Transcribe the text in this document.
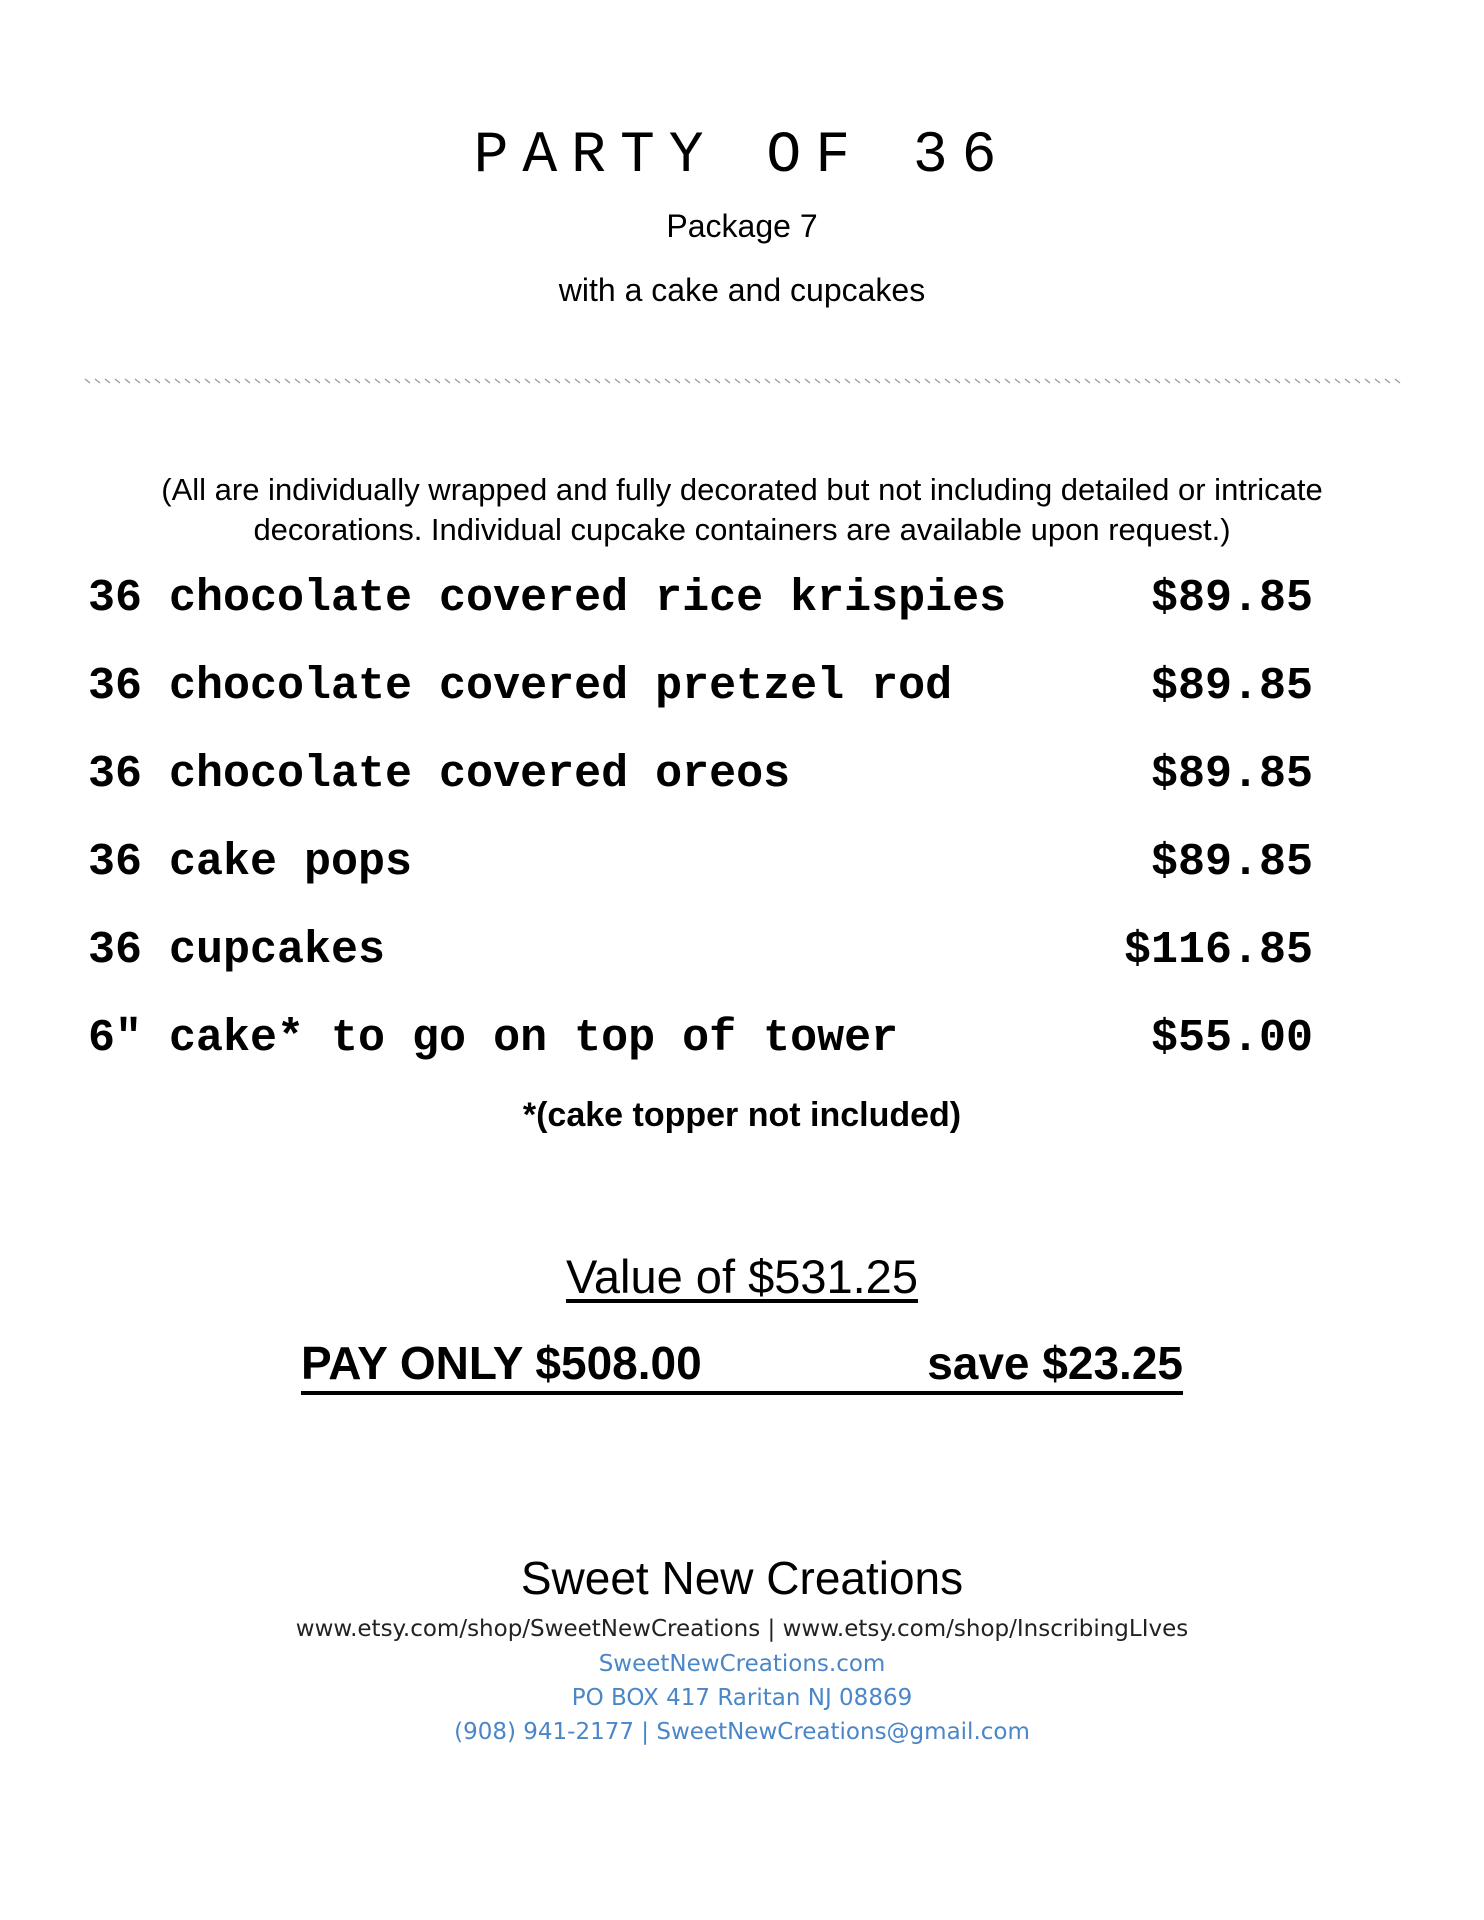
PARTY OF 36
Package 7
with a cake and cupcakes
(All are individually wrapped and fully decorated but not including detailed or intricate decorations. Individual cupcake containers are available upon request.)
36 chocolate covered rice krispies	$89.85
36 chocolate covered pretzel rod	$89.85
36 chocolate covered oreos	$89.85
36 cake pops	$89.85
36 cupcakes	$116.85
6″ cake* to go on top of tower	$55.00
*(cake topper not included)
Value of $531.25
PAY ONLY $508.00	save $23.25
Sweet New Creations
www.etsy.com/shop/SweetNewCreations | www.etsy.com/shop/InscribingLIves
SweetNewCreations.com
PO BOX 417 Raritan NJ 08869
(908) 941-2177 | SweetNewCreations@gmail.com
